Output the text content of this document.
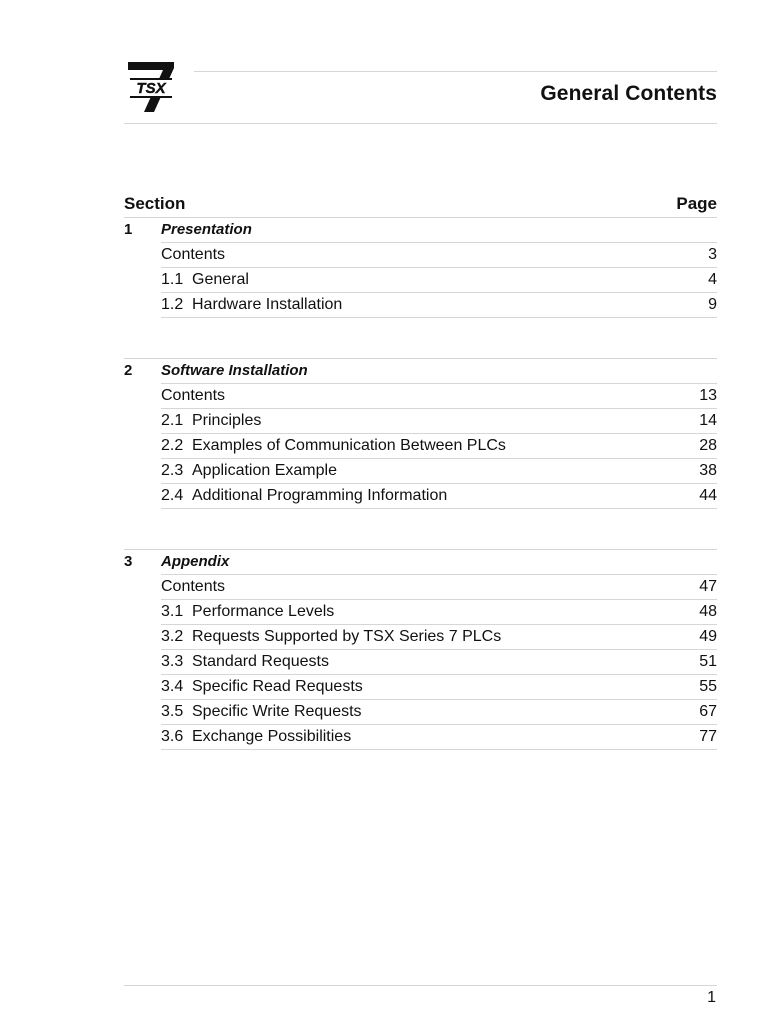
TSX	General Contents
Section	Page
1 Presentation
Contents	3
1.1 General	4
1.2 Hardware Installation	9
2 Software Installation
Contents	13
2.1 Principles	14
2.2 Examples of Communication Between PLCs	28
2.3 Application Example	38
2.4 Additional Programming Information	44
3 Appendix
Contents	47
3.1 Performance Levels	48
3.2 Requests Supported by TSX Series 7 PLCs	49
3.3 Standard Requests	51
3.4 Specific Read Requests	55
3.5 Specific Write Requests	67
3.6 Exchange Possibilities	77
1
